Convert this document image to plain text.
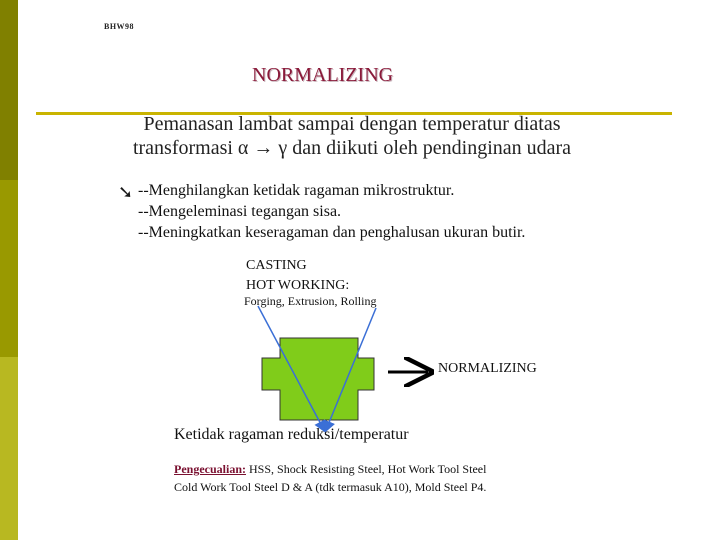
BHW98
NORMALIZING
Pemanasan lambat sampai dengan temperatur diatas
transformasi α → γ dan diikuti oleh pendinginan udara
➘ --Menghilangkan ketidak ragaman mikrostruktur.
--Mengeleminasi tegangan sisa.
--Meningkatkan keseragaman dan penghalusan ukuran butir.
CASTING
HOT WORKING:
Forging, Extrusion, Rolling
NORMALIZING
Ketidak ragaman reduksi/temperatur
Pengecualian: HSS, Shock Resisting Steel, Hot Work Tool Steel
Cold Work Tool Steel D & A (tdk termasuk A10), Mold Steel P4.
